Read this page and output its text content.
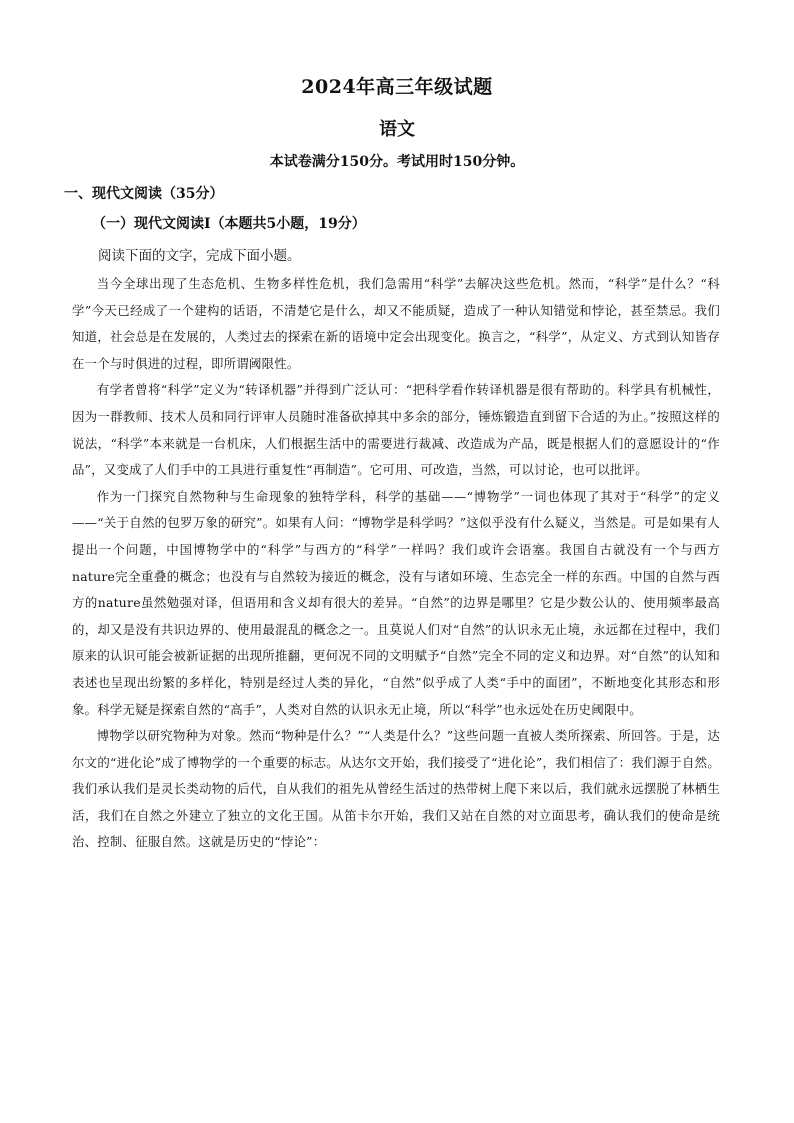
2024年高三年级试题
语文
本试卷满分150分。考试用时150分钟。
一、现代文阅读（35分）
（一）现代文阅读Ⅰ（本题共5小题，19分）
阅读下面的文字，完成下面小题。

当今全球出现了生态危机、生物多样性危机，我们急需用“科学”去解决这些危机。然而，“科学”是什么？“科学”今天已经成了一个建构的话语，不清楚它是什么，却又不能质疑，造成了一种认知错觉和悖论，甚至禁忌。我们知道，社会总是在发展的，人类过去的探索在新的语境中定会出现变化。换言之，“科学”，从定义、方式到认知皆存在一个与时俱进的过程，即所谓阈限性。

有学者曾将“科学”定义为“转译机器”并得到广泛认可：“把科学看作转译机器是很有帮助的。科学具有机械性，因为一群教师、技术人员和同行评审人员随时准备砍掉其中多余的部分，锤炼锻造直到留下合适的为止。”按照这样的说法，“科学”本来就是一台机床，人们根据生活中的需要进行裁减、改造成为产品，既是根据人们的意愿设计的“作品”，又变成了人们手中的工具进行重复性“再制造”。它可用、可改造，当然，可以讨论，也可以批评。

作为一门探究自然物种与生命现象的独特学科，科学的基础——“博物学”一词也体现了其对于“科学”的定义——“关于自然的包罗万象的研究”。如果有人问：“博物学是科学吗？”这似乎没有什么疑义，当然是。可是如果有人提出一个问题，中国博物学中的“科学”与西方的“科学”一样吗？我们或许会语塞。我国自古就没有一个与西方nature完全重叠的概念；也没有与自然较为接近的概念，没有与诸如环境、生态完全一样的东西。中国的自然与西方的nature虽然勉强对译，但语用和含义却有很大的差异。“自然”的边界是哪里？它是少数公认的、使用频率最高的，却又是没有共识边界的、使用最混乱的概念之一。且莫说人们对“自然”的认识永无止境，永远都在过程中，我们原来的认识可能会被新证据的出现所推翻，更何况不同的文明赋予“自然”完全不同的定义和边界。对“自然”的认知和表述也呈现出纷繁的多样化，特别是经过人类的异化，“自然”似乎成了人类“手中的面团”，不断地变化其形态和形象。科学无疑是探索自然的“高手”，人类对自然的认识永无止境，所以“科学”也永远处在历史阈限中。

博物学以研究物种为对象。然而“物种是什么？”“人类是什么？”这些问题一直被人类所探索、所回答。于是，达尔文的“进化论”成了博物学的一个重要的标志。从达尔文开始，我们接受了“进化论”，我们相信了：我们源于自然。我们承认我们是灵长类动物的后代，自从我们的祖先从曾经生活过的热带树上爬下来以后，我们就永远摆脱了林栖生活，我们在自然之外建立了独立的文化王国。从笛卡尔开始，我们又站在自然的对立面思考，确认我们的使命是统治、控制、征服自然。这就是历史的“悖论”：
